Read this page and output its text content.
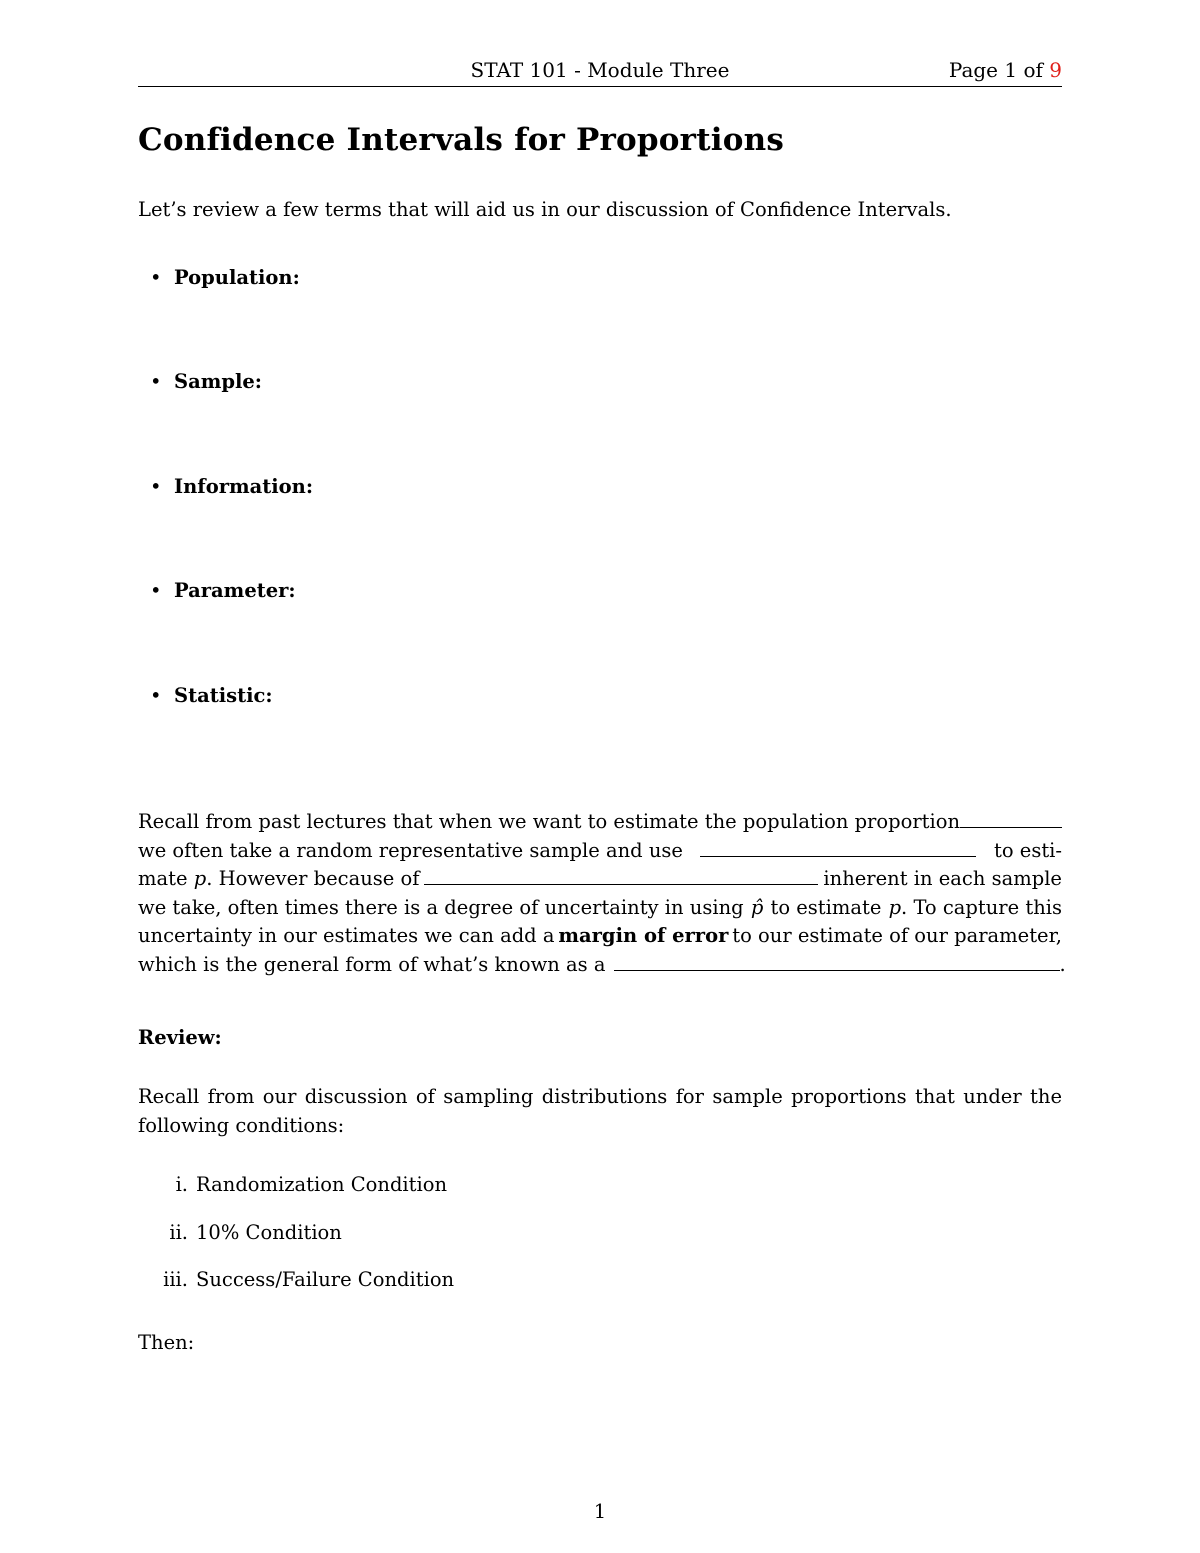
STAT 101 - Module Three	Page 1 of 9
Confidence Intervals for Proportions
Let’s review a few terms that will aid us in our discussion of Confidence Intervals.
• Population:
• Sample:
• Information:
• Parameter:
• Statistic:
Recall from past lectures that when we want to estimate the population proportion
we often take a random representative sample and use	to esti-
mate p. However because of	inherent in each sample
we take, often times there is a degree of uncertainty in using p̂ to estimate p. To capture this
uncertainty in our estimates we can add a margin of error to our estimate of our parameter,
which is the general form of what’s known as a	.
Review:
Recall from our discussion of sampling distributions for sample proportions that under the
following conditions:
i. Randomization Condition
ii. 10% Condition
iii. Success/Failure Condition
Then:
1
